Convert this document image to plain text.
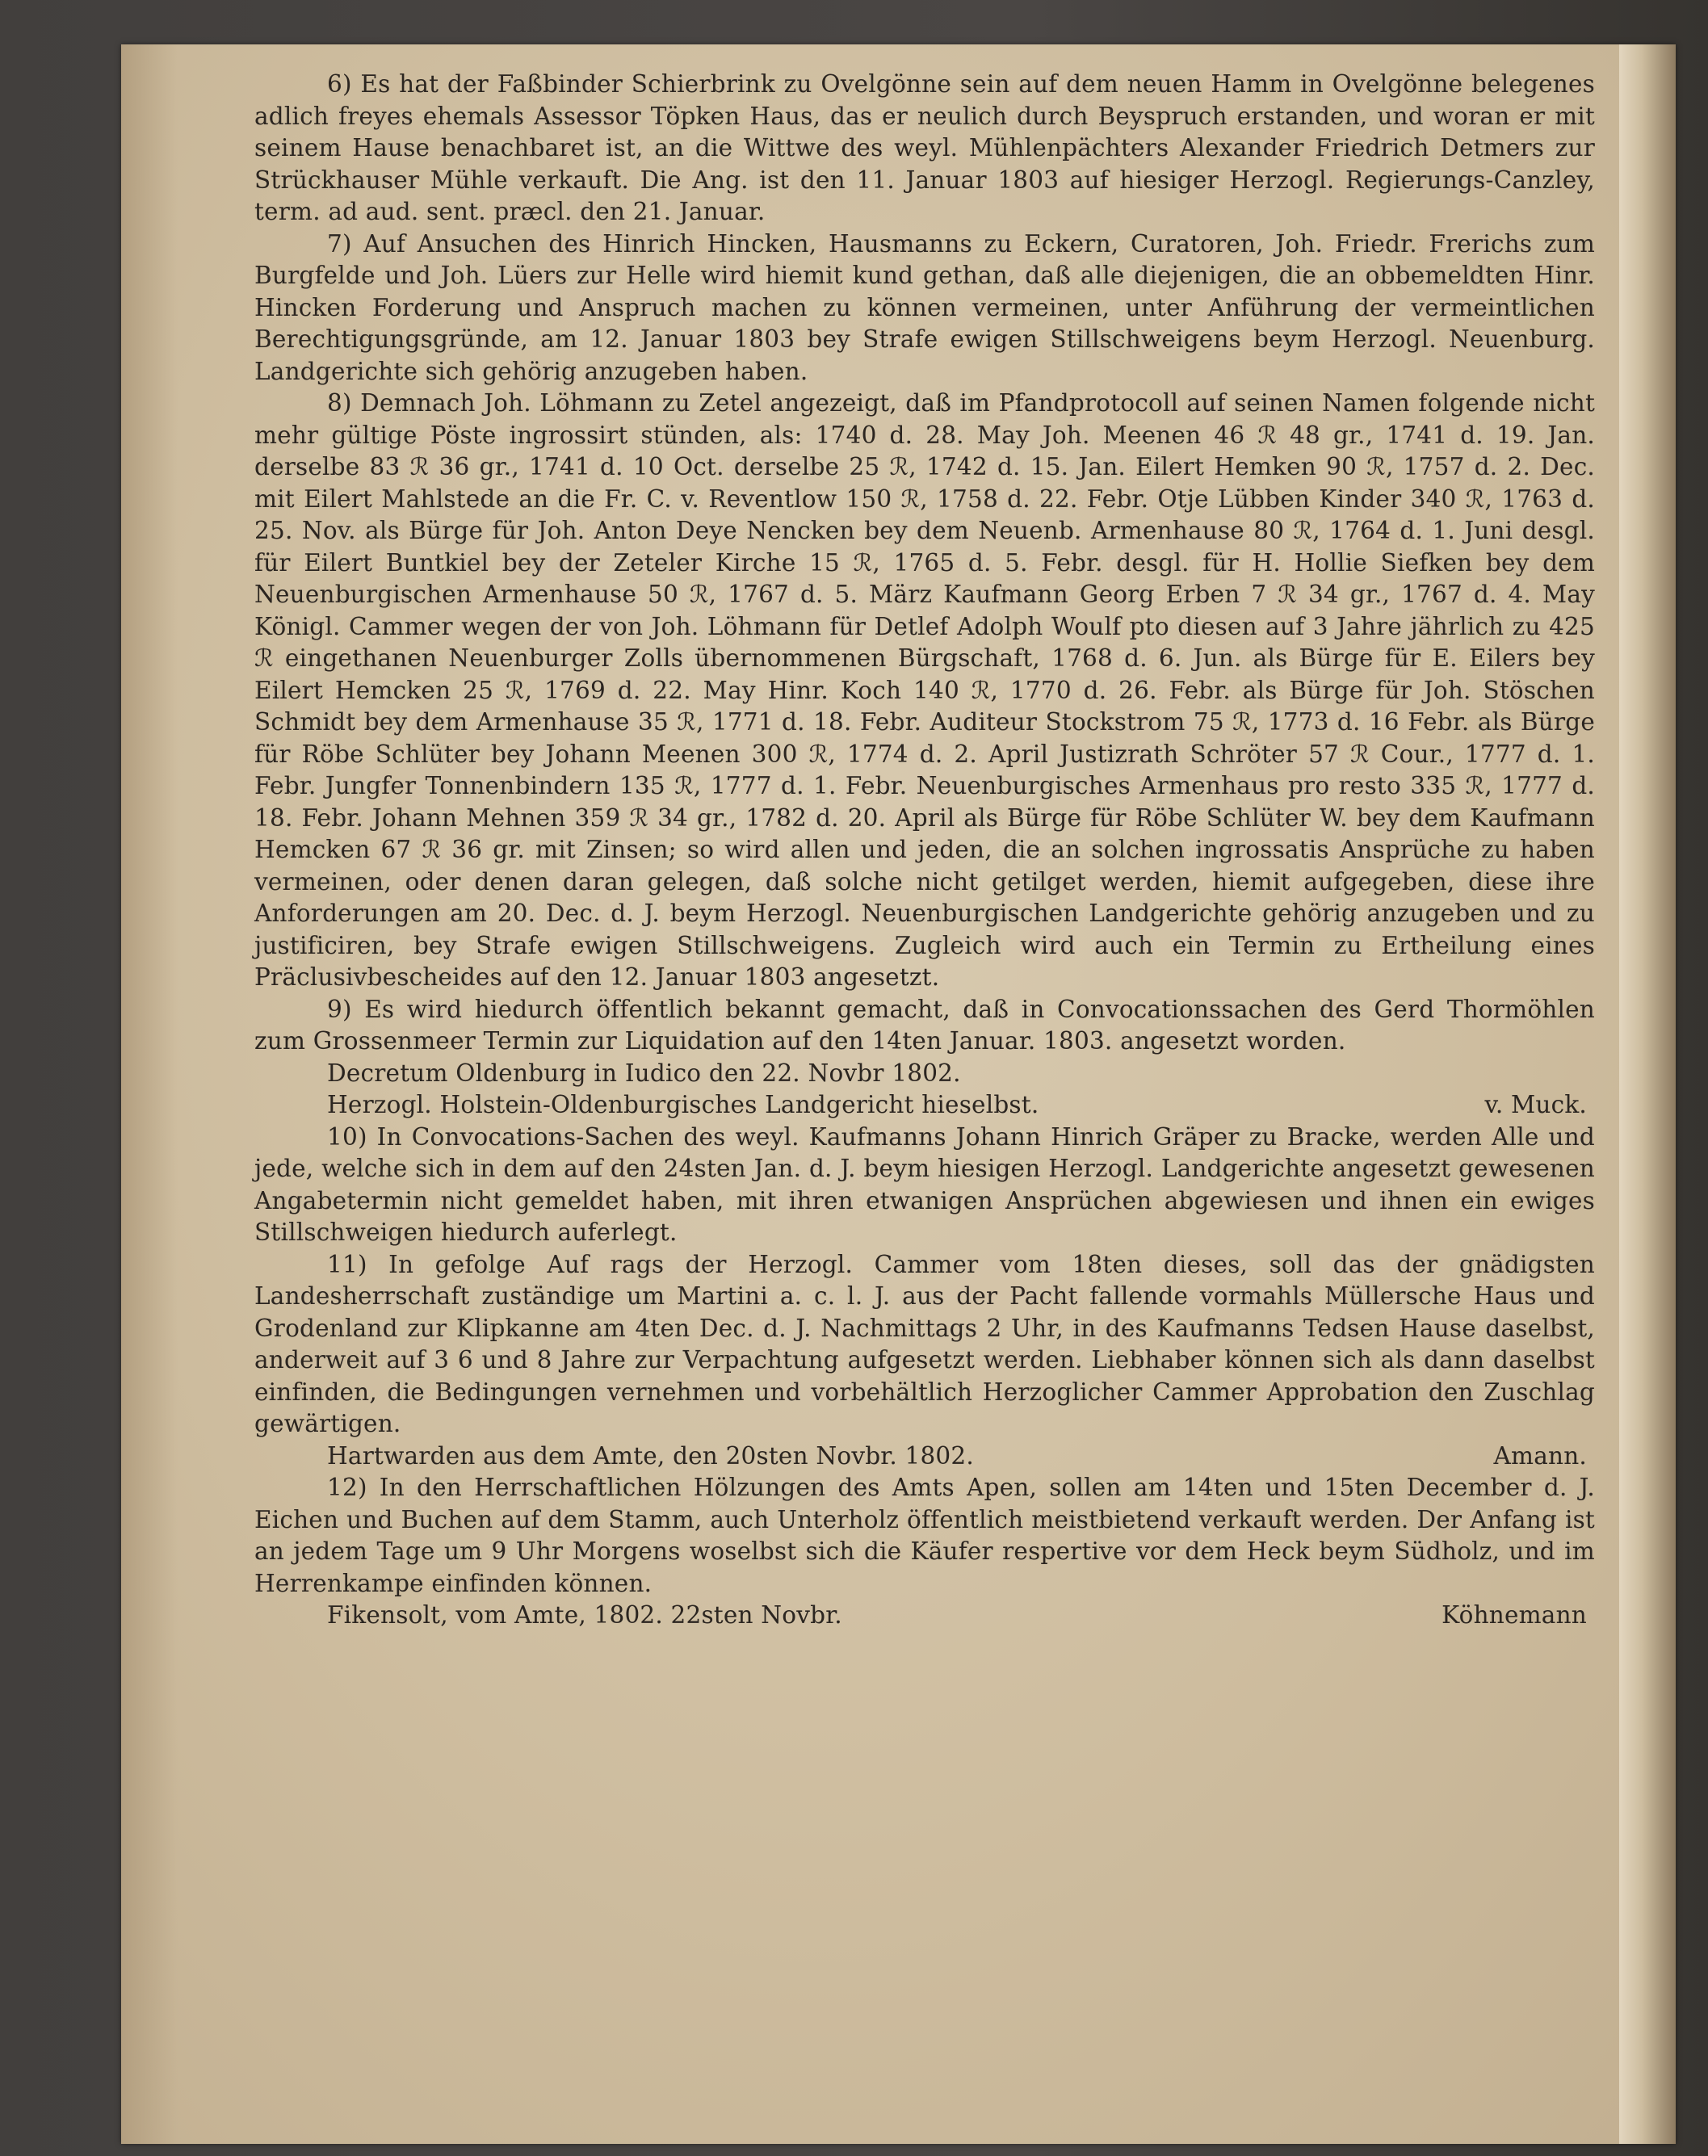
6) Es hat der Faßbinder Schierbrink zu Ovelgönne sein auf dem neuen Hamm in Ovelgönne belegenes adlich freyes ehemals Assessor Töpken Haus, das er neulich durch Beyspruch erstanden, und woran er mit seinem Hause benachbaret ist, an die Wittwe des weyl. Mühlenpächters Alexander Friedrich Detmers zur Strückhauser Mühle verkauft. Die Ang. ist den 11. Januar 1803 auf hiesiger Herzogl. Regierungs-Canzley, term. ad aud. sent. præcl. den 21. Januar.

7) Auf Ansuchen des Hinrich Hincken, Hausmanns zu Eckern, Curatoren, Joh. Friedr. Frerichs zum Burgfelde und Joh. Lüers zur Helle wird hiemit kund gethan, daß alle diejenigen, die an obbemeldten Hinr. Hincken Forderung und Anspruch machen zu können vermeinen, unter Anführung der vermeintlichen Berechtigungsgründe, am 12. Januar 1803 bey Strafe ewigen Stillschweigens beym Herzogl. Neuenburg. Landgerichte sich gehörig anzugeben haben.

8) Demnach Joh. Löhmann zu Zetel angezeigt, daß im Pfandprotocoll auf seinen Namen folgende nicht mehr gültige Pöste ingrossirt stünden, als: 1740 d. 28. May Joh. Meenen 46 ℛ 48 gr., 1741 d. 19. Jan. derselbe 83 ℛ 36 gr., 1741 d. 10 Oct. derselbe 25 ℛ, 1742 d. 15. Jan. Eilert Hemken 90 ℛ, 1757 d. 2. Dec. mit Eilert Mahlstede an die Fr. C. v. Reventlow 150 ℛ, 1758 d. 22. Febr. Otje Lübben Kinder 340 ℛ, 1763 d. 25. Nov. als Bürge für Joh. Anton Deye Nencken bey dem Neuenb. Armenhause 80 ℛ, 1764 d. 1. Juni desgl. für Eilert Buntkiel bey der Zeteler Kirche 15 ℛ, 1765 d. 5. Febr. desgl. für H. Hollie Siefken bey dem Neuenburgischen Armenhause 50 ℛ, 1767 d. 5. März Kaufmann Georg Erben 7 ℛ 34 gr., 1767 d. 4. May Königl. Cammer wegen der von Joh. Löhmann für Detlef Adolph Woulf pto diesen auf 3 Jahre jährlich zu 425 ℛ eingethanen Neuenburger Zolls übernommenen Bürgschaft, 1768 d. 6. Jun. als Bürge für E. Eilers bey Eilert Hemcken 25 ℛ, 1769 d. 22. May Hinr. Koch 140 ℛ, 1770 d. 26. Febr. als Bürge für Joh. Stöschen Schmidt bey dem Armenhause 35 ℛ, 1771 d. 18. Febr. Auditeur Stockstrom 75 ℛ, 1773 d. 16 Febr. als Bürge für Röbe Schlüter bey Johann Meenen 300 ℛ, 1774 d. 2. April Justizrath Schröter 57 ℛ Cour., 1777 d. 1. Febr. Jungfer Tonnenbindern 135 ℛ, 1777 d. 1. Febr. Neuenburgisches Armenhaus pro resto 335 ℛ, 1777 d. 18. Febr. Johann Mehnen 359 ℛ 34 gr., 1782 d. 20. April als Bürge für Röbe Schlüter W. bey dem Kaufmann Hemcken 67 ℛ 36 gr. mit Zinsen; so wird allen und jeden, die an solchen ingrossatis Ansprüche zu haben vermeinen, oder denen daran gelegen, daß solche nicht getilget werden, hiemit aufgegeben, diese ihre Anforderungen am 20. Dec. d. J. beym Herzogl. Neuenburgischen Landgerichte gehörig anzugeben und zu justificiren, bey Strafe ewigen Stillschweigens. Zugleich wird auch ein Termin zu Ertheilung eines Präclusivbescheides auf den 12. Januar 1803 angesetzt.

9) Es wird hiedurch öffentlich bekannt gemacht, daß in Convocationssachen des Gerd Thormöhlen zum Grossenmeer Termin zur Liquidation auf den 14ten Januar. 1803. angesetzt worden.

Decretum Oldenburg in Iudico den 22. Novbr 1802.

Herzogl. Holstein-Oldenburgisches Landgericht hieselbst.	v. Muck.

10) In Convocations-Sachen des weyl. Kaufmanns Johann Hinrich Gräper zu Bracke, werden Alle und jede, welche sich in dem auf den 24sten Jan. d. J. beym hiesigen Herzogl. Landgerichte angesetzt gewesenen Angabetermin nicht gemeldet haben, mit ihren etwanigen Ansprüchen abgewiesen und ihnen ein ewiges Stillschweigen hiedurch auferlegt.

11) In gefolge Auf rags der Herzogl. Cammer vom 18ten dieses, soll das der gnädigsten Landesherrschaft zuständige um Martini a. c. l. J. aus der Pacht fallende vormahls Müllersche Haus und Grodenland zur Klipkanne am 4ten Dec. d. J. Nachmittags 2 Uhr, in des Kaufmanns Tedsen Hause daselbst, anderweit auf 3 6 und 8 Jahre zur Verpachtung aufgesetzt werden. Liebhaber können sich als dann daselbst einfinden, die Bedingungen vernehmen und vorbehältlich Herzoglicher Cammer Approbation den Zuschlag gewärtigen.

Hartwarden aus dem Amte, den 20sten Novbr. 1802.	Amann.

12) In den Herrschaftlichen Hölzungen des Amts Apen, sollen am 14ten und 15ten December d. J. Eichen und Buchen auf dem Stamm, auch Unterholz öffentlich meistbietend verkauft werden. Der Anfang ist an jedem Tage um 9 Uhr Morgens woselbst sich die Käufer respertive vor dem Heck beym Südholz, und im Herrenkampe einfinden können.

Fikensolt, vom Amte, 1802. 22sten Novbr.	Köhnemann
